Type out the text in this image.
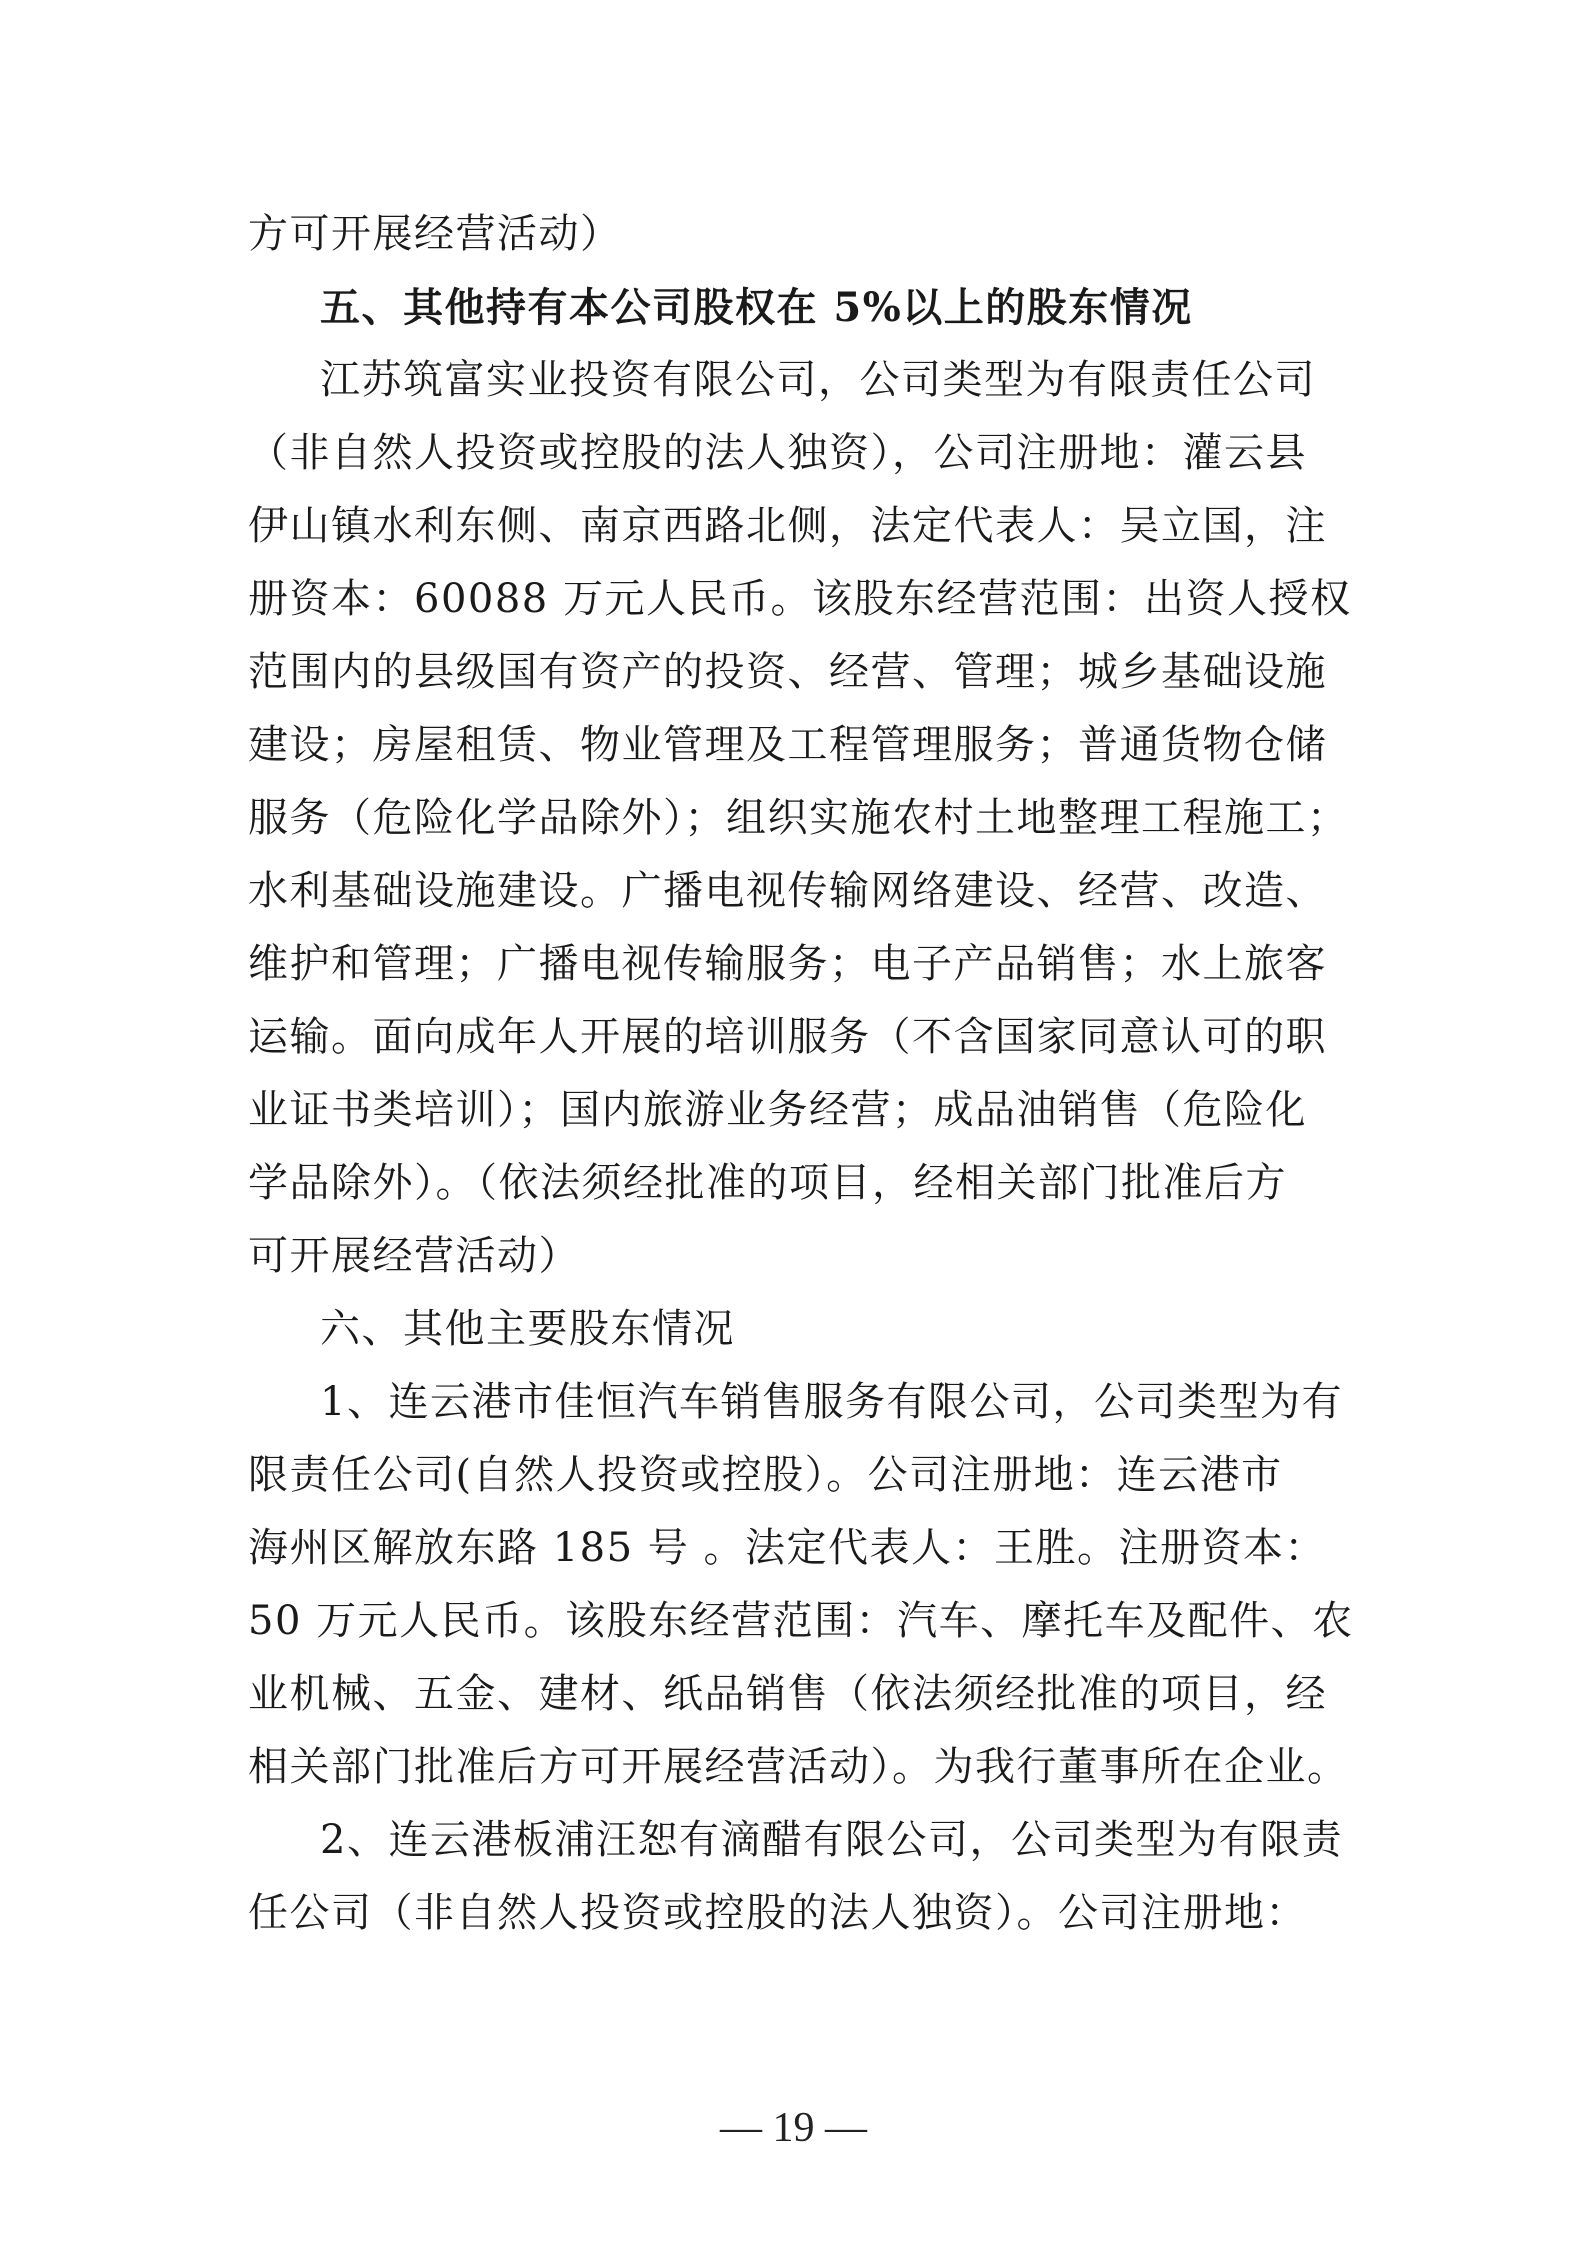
方可开展经营活动）
五、其他持有本公司股权在 5%以上的股东情况
江苏筑富实业投资有限公司，公司类型为有限责任公司
（非自然人投资或控股的法人独资），公司注册地：灌云县
伊山镇水利东侧、南京西路北侧，法定代表人：吴立国，注
册资本：60088 万元人民币。该股东经营范围：出资人授权
范围内的县级国有资产的投资、经营、管理；城乡基础设施
建设；房屋租赁、物业管理及工程管理服务；普通货物仓储
服务（危险化学品除外）；组织实施农村土地整理工程施工；
水利基础设施建设。广播电视传输网络建设、经营、改造、
维护和管理；广播电视传输服务；电子产品销售；水上旅客
运输。面向成年人开展的培训服务（不含国家同意认可的职
业证书类培训）；国内旅游业务经营；成品油销售（危险化
学品除外）。（依法须经批准的项目，经相关部门批准后方
可开展经营活动）
六、其他主要股东情况
1、连云港市佳恒汽车销售服务有限公司，公司类型为有
限责任公司(自然人投资或控股）。公司注册地：连云港市
海州区解放东路 185 号 。法定代表人：王胜。注册资本：
50 万元人民币。该股东经营范围：汽车、摩托车及配件、农
业机械、五金、建材、纸品销售（依法须经批准的项目，经
相关部门批准后方可开展经营活动）。为我行董事所在企业。
2、连云港板浦汪恕有滴醋有限公司，公司类型为有限责
任公司（非自然人投资或控股的法人独资）。公司注册地：
— 19 —
